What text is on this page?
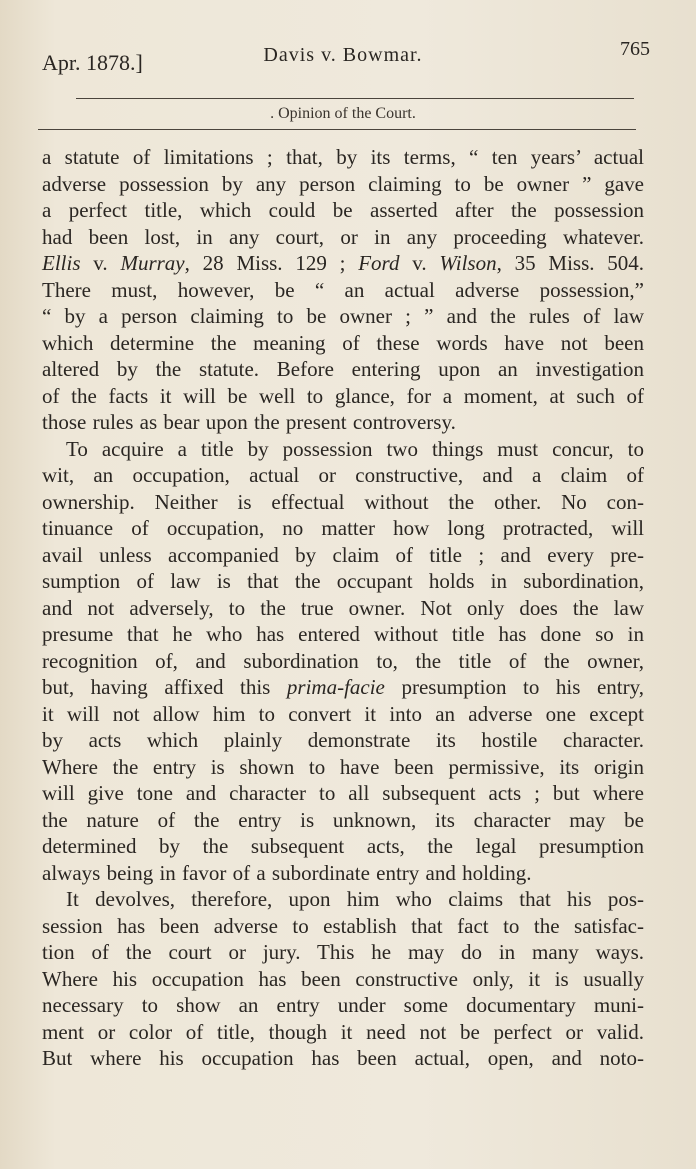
Apr. 1878.]	Davis v. Bowmar.	765
. Opinion of the Court.
a statute of limitations ; that, by its terms, “ ten years’ actual
adverse possession by any person claiming to be owner ” gave
a perfect title, which could be asserted after the possession
had been lost, in any court, or in any proceeding whatever.
Ellis v. Murray, 28 Miss. 129 ; Ford v. Wilson, 35 Miss. 504.
There must, however, be “ an actual adverse possession,”
“ by a person claiming to be owner ; ” and the rules of law
which determine the meaning of these words have not been
altered by the statute. Before entering upon an investigation
of the facts it will be well to glance, for a moment, at such of
those rules as bear upon the present controversy.
To acquire a title by possession two things must concur, to
wit, an occupation, actual or constructive, and a claim of
ownership. Neither is effectual without the other. No con-
tinuance of occupation, no matter how long protracted, will
avail unless accompanied by claim of title ; and every pre-
sumption of law is that the occupant holds in subordination,
and not adversely, to the true owner. Not only does the law
presume that he who has entered without title has done so in
recognition of, and subordination to, the title of the owner,
but, having affixed this prima-facie presumption to his entry,
it will not allow him to convert it into an adverse one except
by acts which plainly demonstrate its hostile character.
Where the entry is shown to have been permissive, its origin
will give tone and character to all subsequent acts ; but where
the nature of the entry is unknown, its character may be
determined by the subsequent acts, the legal presumption
always being in favor of a subordinate entry and holding.
It devolves, therefore, upon him who claims that his pos-
session has been adverse to establish that fact to the satisfac-
tion of the court or jury. This he may do in many ways.
Where his occupation has been constructive only, it is usually
necessary to show an entry under some documentary muni-
ment or color of title, though it need not be perfect or valid.
But where his occupation has been actual, open, and noto-
